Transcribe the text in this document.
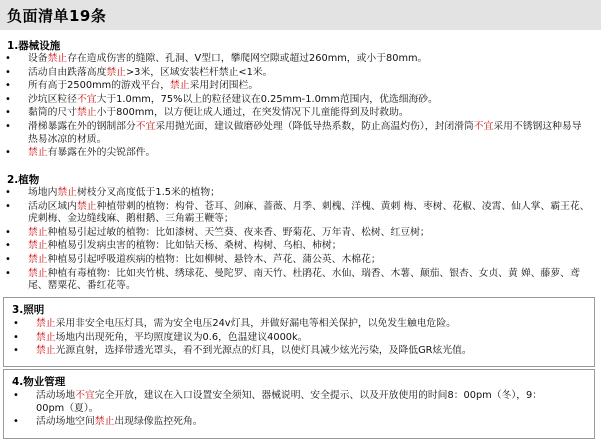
负面清单19条
1.器械设施
• 设备禁止存在造成伤害的缝隙、孔洞、V型口，攀爬网空隙或超过260mm，或小于80mm。
• 活动自由跌落高度禁止>3米，区域安装栏杆禁止<1米。
• 所有高于2500mm的游戏平台，禁止采用封闭围栏。
• 沙坑区粒径不宜大于1.0mm，75%以上的粒径建议在0.25mm-1.0mm范围内，优选细海砂。
• 黏筒的尺寸禁止小于800mm，以方便让成人通过，在突发情况下儿童能得到及时救助。
• 滑梯暴露在外的钢制部分不宜采用抛光面，建议做磨砂处理（降低导热系数，防止高温灼伤），封闭滑筒不宜采用不锈钢这种易导热易冰凉的材质。
• 禁止有暴露在外的尖锐部件。
2.植物
• 场地内禁止树枝分叉高度低于1.5米的植物；
• 活动区域内禁止种植带刺的植物：构骨、苍耳、剑麻、蔷薇、月季、刺槐、洋槐、黄刺 梅、枣树、花椒、凌霄、仙人掌、霸王花、虎刺梅、金边缝线麻、鹅柑鹅、三角霸王鞭等；
• 禁止种植易引起过敏的植物：比如漆树、天竺葵、夜来香、野菊花、万年青、松树、红豆树；
• 禁止种植易引发病虫害的植物：比如钻天杨、桑树、构树、乌桕、柿树；
• 禁止种植易引起呼吸道疾病的植物：比如柳树、悬铃木、芦花、蒲公英、木棉花；
• 禁止种植有毒植物：比如夹竹桃、绣球花、曼陀罗、南天竹、杜鹃花、水仙、瑞香、木薯、颠茄、银杏、女贞、黄 婵、藤萝、鸢尾、罂粟花、番红花等。
3.照明
• 禁止采用非安全电压灯具，需为安全电压24v灯具，并做好漏电等相关保护，以免发生触电危险。
• 禁止场地内出现死角，平均照度建议为0.6，色温建议4000k。
• 禁止光源直射，选择带透光罩头，看不到光源点的灯具，以使灯具减少炫光污染，及降低GR炫光值。
4.物业管理
• 活动场地不宜完全开放，建议在入口设置安全须知、器械说明、安全提示、以及开放使用的时间8：00pm（冬），9：00pm（夏）。
• 活动场地空间禁止出现绿像监控死角。
